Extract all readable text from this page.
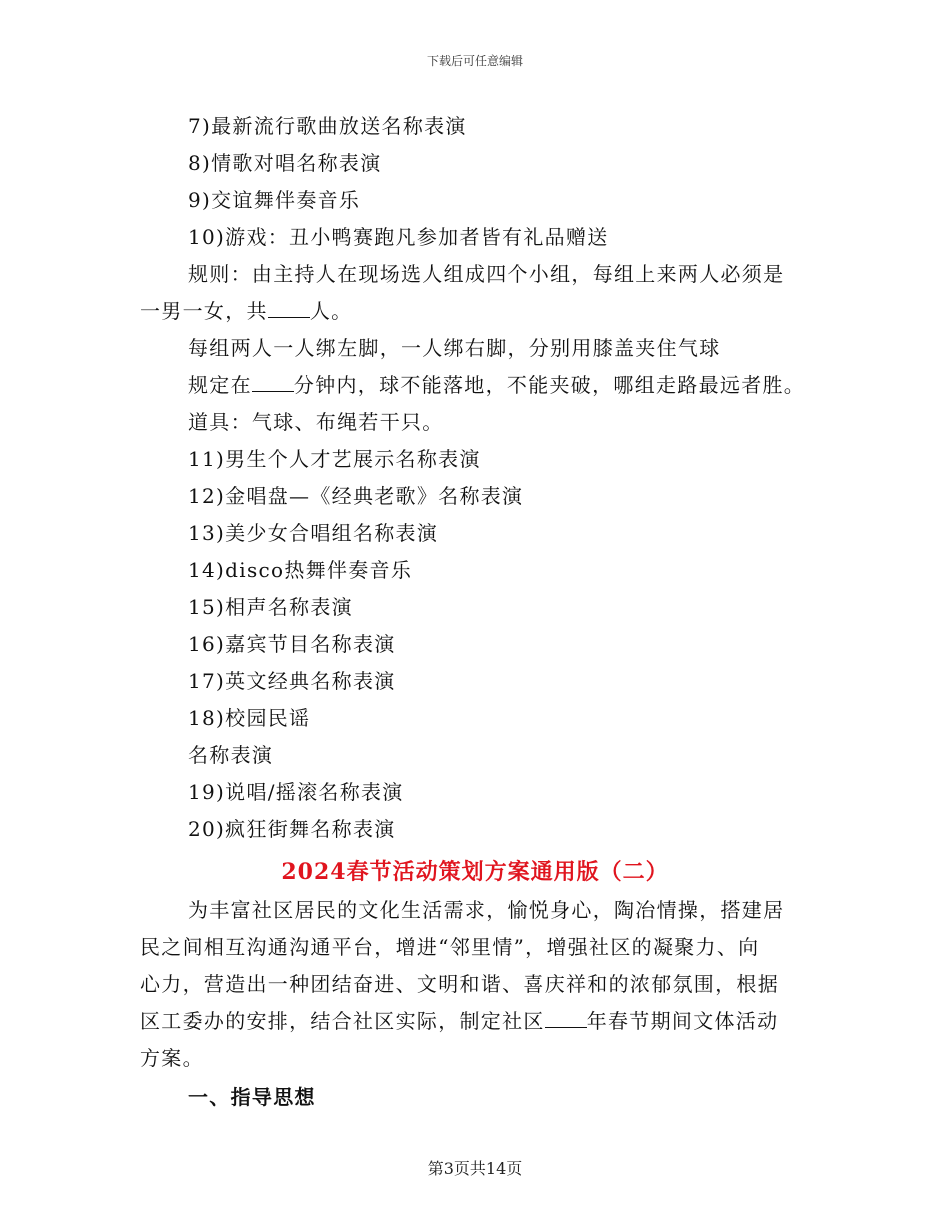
下载后可任意编辑
7)最新流行歌曲放送名称表演
8)情歌对唱名称表演
9)交谊舞伴奏音乐
10)游戏：丑小鸭赛跑凡参加者皆有礼品赠送
规则：由主持人在现场选人组成四个小组，每组上来两人必须是
一男一女，共 人。
每组两人一人绑左脚，一人绑右脚，分别用膝盖夹住气球
规定在 分钟内，球不能落地，不能夹破，哪组走路最远者胜。
道具：气球、布绳若干只。
11)男生个人才艺展示名称表演
12)金唱盘—《经典老歌》名称表演
13)美少女合唱组名称表演
14)disco热舞伴奏音乐
15)相声名称表演
16)嘉宾节目名称表演
17)英文经典名称表演
18)校园民谣
名称表演
19)说唱/摇滚名称表演
20)疯狂街舞名称表演
2024春节活动策划方案通用版（二）
为丰富社区居民的文化生活需求，愉悦身心，陶冶情操，搭建居
民之间相互沟通沟通平台，增进“邻里情”，增强社区的凝聚力、向
心力，营造出一种团结奋进、文明和谐、喜庆祥和的浓郁氛围，根据
区工委办的安排，结合社区实际，制定社区 年春节期间文体活动
方案。
一、指导思想
第3页共14页
